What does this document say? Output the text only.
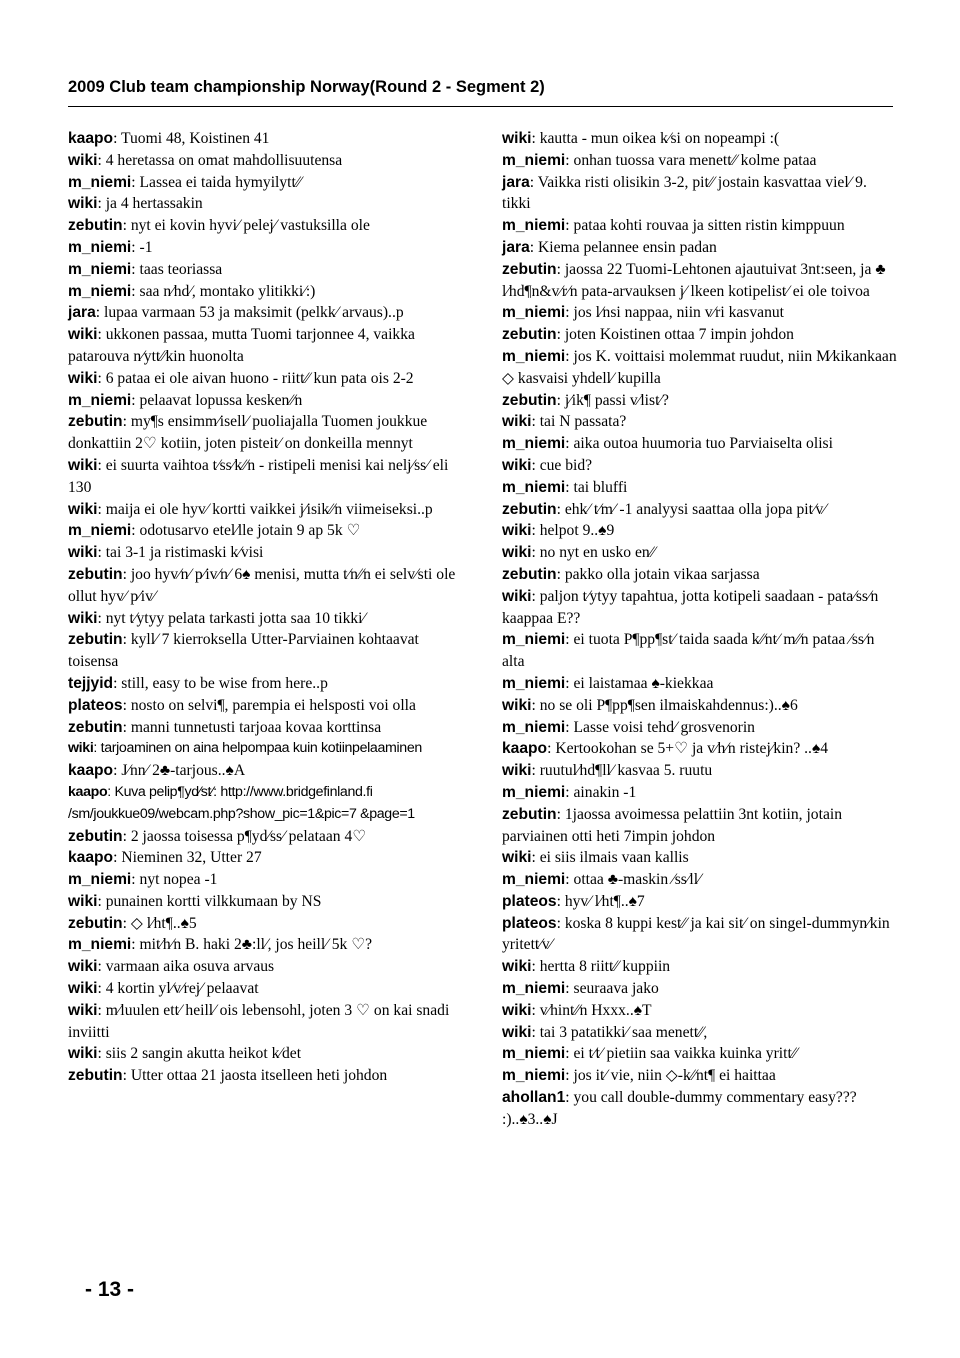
2009 Club team championship Norway(Round 2 - Segment 2)

kaapo: Tuomi 48, Koistinen 41

wiki: 4 heretassa on omat mahdollisuutensa

m_niemi: Lassea ei taida hymyilytt⁄⁄

wiki: ja 4 hertassakin

zebutin: nyt ei kovin hyvi⁄ pelej⁄ vastuksilla ole

m_niemi: -1

m_niemi: taas teoriassa

m_niemi: saa n⁄hd⁄, montako ylitikki⁄:)

jara: lupaa varmaan 53 ja maksimit (pelkk⁄ arvaus)..p

wiki: ukkonen passaa, mutta Tuomi tarjonnee 4, vaikka patarouva n⁄ytt⁄⁄kin huonolta

wiki: 6 pataa ei ole aivan huono - riitt⁄⁄ kun pata ois 2-2

m_niemi: pelaavat lopussa kesken⁄⁄n

zebutin: my¶s ensimm⁄isell⁄ puoliajalla Tuomen joukkue donkattiin 2♡ kotiin, joten pisteit⁄ on donkeilla mennyt

wiki: ei suurta vaihtoa t⁄ss⁄k⁄⁄n - ristipeli menisi kai nelj⁄ss⁄ eli 130

wiki: maija ei ole hyv⁄ kortti vaikkei j⁄isik⁄⁄n viimeiseksi..p

m_niemi: odotusarvo etel⁄lle jotain 9 ap 5k ♡

wiki: tai 3-1 ja ristimaski k⁄visi

zebutin: joo hyv⁄n⁄ p⁄iv⁄n⁄ 6♠ menisi, mutta t⁄n⁄⁄n ei selv⁄sti ole ollut hyv⁄ p⁄iv⁄

wiki: nyt t⁄ytyy pelata tarkasti jotta saa 10 tikki⁄

zebutin: kyll⁄ 7 kierroksella Utter-Parviainen kohtaavat toisensa

tejjyid: still, easy to be wise from here..p

plateos: nosto on selvi¶, parempia ei helsposti voi olla

zebutin: manni tunnetusti tarjoaa kovaa korttinsa

wiki: tarjoaminen on aina helpompaa kuin kotiinpelaaminen

kaapo: J⁄nn⁄ 2♣-tarjous..♠A

kaapo: Kuva pelip¶yd⁄st⁄: http://www.bridgefinland.fi /sm/joukkue09/webcam.php?show_pic=1&pic=7 &page=1

zebutin: 2 jaossa toisessa p¶yd⁄ss⁄ pelataan 4♡

kaapo: Nieminen 32, Utter 27

m_niemi: nyt nopea -1

wiki: punainen kortti vilkkumaan by NS

zebutin: ◇ l⁄ht¶..♠5

m_niemi: mit⁄h⁄n B. haki 2♣:ll⁄, jos heill⁄ 5k ♡?

wiki: varmaan aika osuva arvaus

wiki: 4 kortin yl⁄v⁄rej⁄ pelaavat

wiki: m⁄luulen ett⁄ heill⁄ ois lebensohl, joten 3 ♡ on kai snadi inviitti

wiki: siis 2 sangin akutta heikot k⁄det

zebutin: Utter ottaa 21 jaosta itselleen heti johdon

wiki: kautta - mun oikea k⁄si on nopeampi :(

m_niemi: onhan tuossa vara menett⁄⁄ kolme pataa

jara: Vaikka risti olisikin 3-2, pit⁄⁄ jostain kasvattaa viel⁄ 9. tikki

m_niemi: pataa kohti rouvaa ja sitten ristin kimppuun

jara: Kiema pelannee ensin padan

zebutin: jaossa 22 Tuomi-Lehtonen ajautuivat 3nt:seen, ja ♣ l⁄hd¶n&v⁄r⁄n pata-arvauksen j⁄ lkeen kotipelist⁄ ei ole toivoa

m_niemi: jos l⁄nsi nappaa, niin v⁄ri kasvanut

zebutin: joten Koistinen ottaa 7 impin johdon

m_niemi: jos K. voittaisi molemmat ruudut, niin M⁄kikankaan ◇ kasvaisi yhdell⁄ kupilla

zebutin: j⁄ik¶ passi v⁄list⁄?

wiki: tai N passata?

m_niemi: aika outoa huumoria tuo Parviaiselta olisi

wiki: cue bid?

m_niemi: tai bluffi

zebutin: ehk⁄ t⁄m⁄ -1 analyysi saattaa olla jopa pit⁄v⁄

wiki: helpot 9..♠9

wiki: no nyt en usko en⁄⁄

zebutin: pakko olla jotain vikaa sarjassa

wiki: paljon t⁄ytyy tapahtua, jotta kotipeli saadaan - pata⁄ss⁄n kaappaa E??

m_niemi: ei tuota P¶pp¶st⁄ taida saada k⁄⁄nt⁄ m⁄⁄n pataa ⁄ss⁄n alta

m_niemi: ei laistamaa ♠-kiekkaa

wiki: no se oli P¶pp¶sen ilmaiskahdennus:)..♠6

m_niemi: Lasse voisi tehd⁄ grosvenorin

kaapo: Kertookohan se 5+♡ ja v⁄h⁄n ristej⁄kin? ..♠4

wiki: ruutul⁄hd¶ll⁄ kasvaa 5. ruutu

m_niemi: ainakin -1

zebutin: 1jaossa avoimessa pelattiin 3nt kotiin, jotain parviainen otti heti 7impin johdon

wiki: ei siis ilmais vaan kallis

m_niemi: ottaa ♣-maskin ⁄ss⁄ll⁄

plateos: hyv⁄ l⁄ht¶..♠7

plateos: koska 8 kuppi kest⁄⁄ ja kai sit⁄ on singel-dummyn⁄kin yritett⁄v⁄

wiki: hertta 8 riitt⁄⁄ kuppiin

m_niemi: seuraava jako

wiki: v⁄hint⁄⁄n Hxxx..♠T

wiki: tai 3 patatikki⁄ saa menett⁄⁄,

m_niemi: ei t⁄t⁄ pietiin saa vaikka kuinka yritt⁄⁄

m_niemi: jos it⁄ vie, niin ◇-k⁄⁄nt¶ ei haittaa

ahollan1: you call double-dummy commentary easy??? :)..♠3..♠J

- 13 -
